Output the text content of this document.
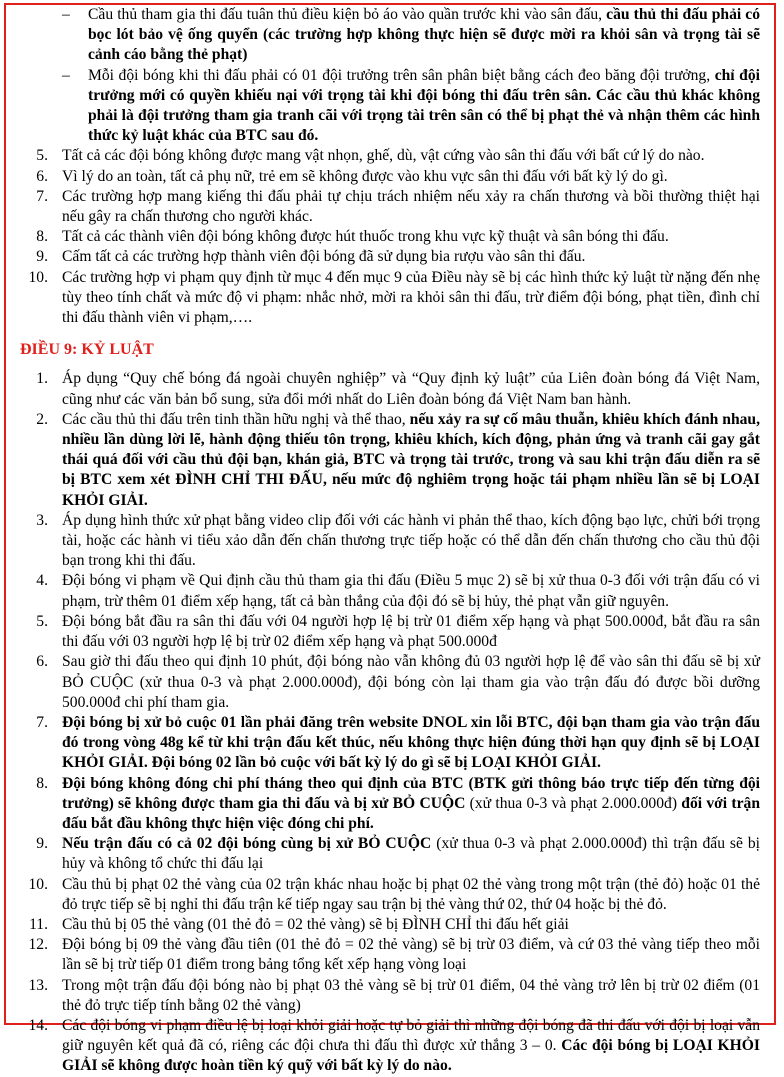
– Cầu thủ tham gia thi đấu tuân thủ điều kiện bỏ áo vào quần trước khi vào sân đấu, cầu thủ thi đấu phải có bọc lót bảo vệ ống quyển (các trường hợp không thực hiện sẽ được mời ra khỏi sân và trọng tài sẽ cảnh cáo bằng thẻ phạt)
– Mỗi đội bóng khi thi đấu phải có 01 đội trưởng trên sân phân biệt bằng cách đeo băng đội trưởng, chỉ đội trưởng mới có quyền khiếu nại với trọng tài khi đội bóng thi đấu trên sân. Các cầu thủ khác không phải là đội trưởng tham gia tranh cãi với trọng tài trên sân có thể bị phạt thẻ và nhận thêm các hình thức kỷ luật khác của BTC sau đó.
5. Tất cả các đội bóng không được mang vật nhọn, ghế, dù, vật cứng vào sân thi đấu với bất cứ lý do nào.
6. Vì lý do an toàn, tất cả phụ nữ, trẻ em sẽ không được vào khu vực sân thi đấu với bất kỳ lý do gì.
7. Các trường hợp mang kiếng thi đấu phải tự chịu trách nhiệm nếu xảy ra chấn thương và bồi thường thiệt hại nếu gây ra chấn thương cho người khác.
8. Tất cả các thành viên đội bóng không được hút thuốc trong khu vực kỹ thuật và sân bóng thi đấu.
9. Cấm tất cả các trường hợp thành viên đội bóng đã sử dụng bia rượu vào sân thi đấu.
10. Các trường hợp vi phạm quy định từ mục 4 đến mục 9 của Điều này sẽ bị các hình thức kỷ luật từ nặng đến nhẹ tùy theo tính chất và mức độ vi phạm: nhắc nhở, mời ra khỏi sân thi đấu, trừ điểm đội bóng, phạt tiền, đình chỉ thi đấu thành viên vi phạm,….
ĐIỀU 9: KỶ LUẬT
1. Áp dụng “Quy chế bóng đá ngoài chuyên nghiệp” và “Quy định kỷ luật” của Liên đoàn bóng đá Việt Nam, cũng như các văn bản bổ sung, sửa đổi mới nhất do Liên đoàn bóng đá Việt Nam ban hành.
2. Các cầu thủ thi đấu trên tinh thần hữu nghị và thể thao, nếu xảy ra sự cố mâu thuẫn, khiêu khích đánh nhau, nhiều lần dùng lời lẽ, hành động thiếu tôn trọng, khiêu khích, kích động, phản ứng và tranh cãi gay gắt thái quá đối với cầu thủ đội bạn, khán giả, BTC và trọng tài trước, trong và sau khi trận đấu diễn ra sẽ bị BTC xem xét ĐÌNH CHỈ THI ĐẤU, nếu mức độ nghiêm trọng hoặc tái phạm nhiều lần sẽ bị LOẠI KHỎI GIẢI.
3. Áp dụng hình thức xử phạt bằng video clip đối với các hành vi phản thể thao, kích động bạo lực, chửi bới trọng tài, hoặc các hành vi tiểu xảo dẫn đến chấn thương trực tiếp hoặc có thể dẫn đến chấn thương cho cầu thủ đội bạn trong khi thi đấu.
4. Đội bóng vi phạm về Qui định cầu thủ tham gia thi đấu (Điều 5 mục 2) sẽ bị xử thua 0-3 đối với trận đấu có vi phạm, trừ thêm 01 điểm xếp hạng, tất cả bàn thắng của đội đó sẽ bị hủy, thẻ phạt vẫn giữ nguyên.
5. Đội bóng bắt đầu ra sân thi đấu với 04 người hợp lệ bị trừ 01 điểm xếp hạng và phạt 500.000đ, bắt đầu ra sân thi đấu với 03 người hợp lệ bị trừ 02 điểm xếp hạng và phạt 500.000đ
6. Sau giờ thi đấu theo qui định 10 phút, đội bóng nào vẫn không đủ 03 người hợp lệ để vào sân thi đấu sẽ bị xử BỎ CUỘC (xử thua 0-3 và phạt 2.000.000đ), đội bóng còn lại tham gia vào trận đấu đó được bồi dưỡng 500.000đ chi phí tham gia.
7. Đội bóng bị xử bỏ cuộc 01 lần phải đăng trên website DNOL xin lỗi BTC, đội bạn tham gia vào trận đấu đó trong vòng 48g kể từ khi trận đấu kết thúc, nếu không thực hiện đúng thời hạn quy định sẽ bị LOẠI KHỎI GIẢI. Đội bóng 02 lần bỏ cuộc với bất kỳ lý do gì sẽ bị LOẠI KHỎI GIẢI.
8. Đội bóng không đóng chi phí tháng theo qui định của BTC (BTK gửi thông báo trực tiếp đến từng đội trưởng) sẽ không được tham gia thi đấu và bị xử BỎ CUỘC (xử thua 0-3 và phạt 2.000.000đ) đối với trận đấu bắt đầu không thực hiện việc đóng chi phí.
9. Nếu trận đấu có cả 02 đội bóng cùng bị xử BỎ CUỘC (xử thua 0-3 và phạt 2.000.000đ) thì trận đấu sẽ bị hủy và không tổ chức thi đấu lại
10. Cầu thủ bị phạt 02 thẻ vàng của 02 trận khác nhau hoặc bị phạt 02 thẻ vàng trong một trận (thẻ đỏ) hoặc 01 thẻ đỏ trực tiếp sẽ bị nghỉ thi đấu trận kế tiếp ngay sau trận bị thẻ vàng thứ 02, thứ 04 hoặc bị thẻ đỏ.
11. Cầu thủ bị 05 thẻ vàng (01 thẻ đỏ = 02 thẻ vàng) sẽ bị ĐÌNH CHỈ thi đấu hết giải
12. Đội bóng bị 09 thẻ vàng đầu tiên (01 thẻ đỏ = 02 thẻ vàng) sẽ bị trừ 03 điểm, và cứ 03 thẻ vàng tiếp theo mỗi lần sẽ bị trừ tiếp 01 điểm trong bảng tổng kết xếp hạng vòng loại
13. Trong một trận đấu đội bóng nào bị phạt 03 thẻ vàng sẽ bị trừ 01 điểm, 04 thẻ vàng trở lên bị trừ 02 điểm (01 thẻ đỏ trực tiếp tính bằng 02 thẻ vàng)
14. Các đội bóng vi phạm điều lệ bị loại khỏi giải hoặc tự bỏ giải thì những đội bóng đã thi đấu với đội bị loại vẫn giữ nguyên kết quả đã có, riêng các đội chưa thi đấu thì được xử thắng 3 – 0. Các đội bóng bị LOẠI KHỎI GIẢI sẽ không được hoàn tiền ký quỹ với bất kỳ lý do nào.
